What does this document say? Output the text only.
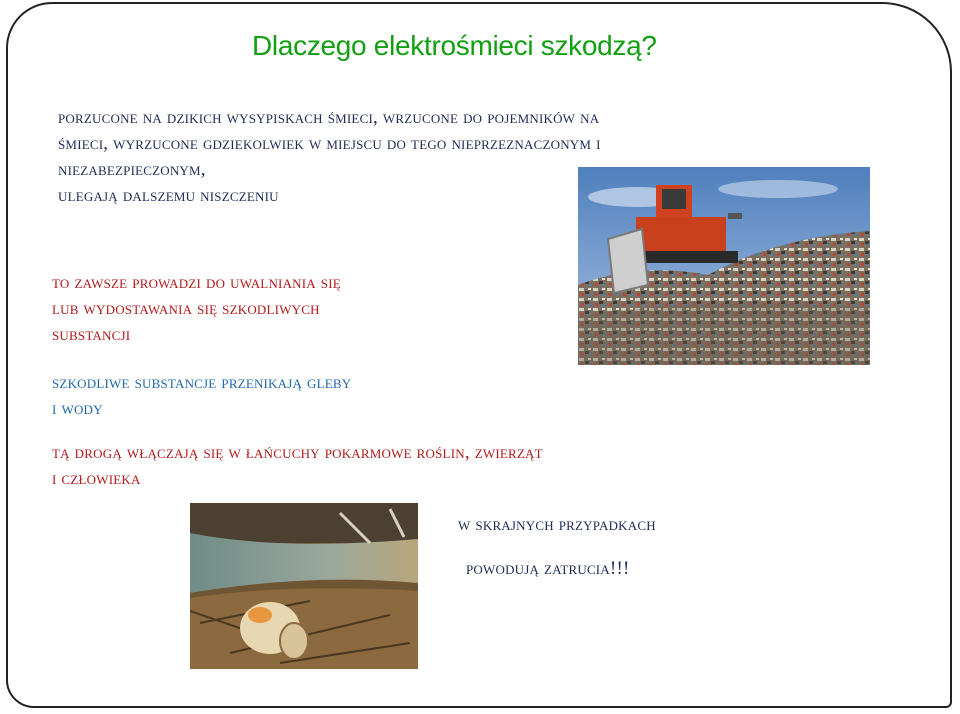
Dlaczego elektrośmieci szkodzą?
porzucone na dzikich wysypiskach śmieci, wrzucone do pojemników na
śmieci, wyrzucone gdziekolwiek w miejscu do tego nieprzeznaczonym i
niezabezpieczonym,
ulegają dalszemu niszczeniu
to zawsze prowadzi do uwalniania się
lub wydostawania się szkodliwych
substancji
szkodliwe substancje przenikają gleby
i wody
tą drogą włączają się w łańcuchy pokarmowe roślin, zwierząt
i człowieka
w skrajnych przypadkach
powodują zatrucia!!!
